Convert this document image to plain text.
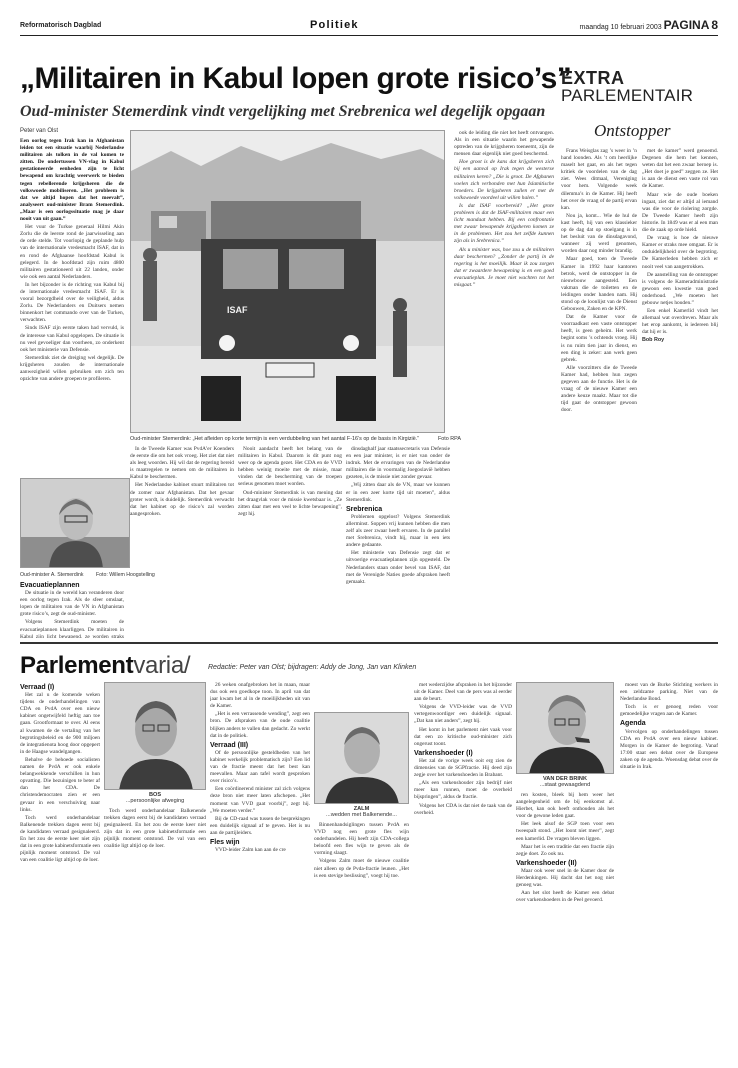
Reformatorisch Dagblad	Politiek	maandag 10 februari 2003 PAGINA 8
„Militairen in Kabul lopen grote risico’s”
Oud-minister Stemerdink vindt vergelijking met Srebrenica wel degelijk opgaan
EXTRA
PARLEMENTAIR
Ontstopper
Peter van Olst

Een oorlog tegen Irak kan in Afghanistan leiden tot een situatie waarbij Nederlandse militairen als tolken in de val komen te zitten. De ondertussen VN-vlag in Kabul gestationeerde eenheden zijn te licht bewapend om krachtig weerwerk te bieden tegen rebellerende krijgsheren die de volkswoede mobiliseren. „Het probleem is dat we altijd hopen dat het meevalt”, analyseert oud-minister Bram Stemerdink. „Maar is een oorlogssituatie mag je daar nooit van uit gaan.”

Het vuur de Turkse generaal Hilmi Akin Zorlu die de leerste rond de jaarwisseling aan de orde stelde. Tot voorlopig de geplande hulp van de internationale vredesmacht ISAF, dat in en rond de Afghaanse hoofdstad Kabul is gelegerd. In de hoofdstad zijn ruim 4800 militairen gestationeerd uit 22 landen, onder wie ook een aantal Nederlanders.

In het bijzonder is de richting van Kabul bij de internationale vredesmacht ISAF. Er is vooral bezorgdheid over de veiligheid, aldus Zorlu. De Nederlanders en Duitsers nemen binnenkort het commando over van de Turken, verwachten.

Sinds ISAF zijn eerste taken had vervuld, is de interesse van Kabul opgelopen. De situatie is nu veel gevoeliger dan voorheen, zo onderkent ook het ministerie van Defensie.

Stemerdink ziet de dreiging wel degelijk. De krijgsheren zouden de internationale aanwezigheid willen gebruiken om zich ten opzichte van andere groepen te profileren.

Oud-minister A. Stemerdink Foto: Willem Hoogstelling
Evacuatieplannen

De situatie in de wereld kan veranderen door een oorlog tegen Irak. Als de sfeer omslaat, lopen de militairen van de VN in Afghanistan grote risico’s, zegt de oud-minister.

Volgens Stemerdink moeten de evacuatieplannen klaarliggen. De militairen in Kabul zijn licht bewapend, ze worden straks

ISAF
Oud-minister Stemerdink: „Het afleiden op korte termijn is een verdubbeling van het aantal F-16’s op de basis in Kirgizië.”	Foto RPA

In de Tweede Kamer was PvdA’er Koenders de eerste die om het ook vroeg. Het ziet dat niet als leeg woorden. Hij wil dat de regering bereid is maatregelen te nemen om de militairen in Kabul te beschermen.

Het Nederlandse kabinet stuurt militairen tot de zomer naar Afghanistan. Dat het gevaar groter wordt, is duidelijk. Stemerdink verwacht dat het kabinet op de risico’s zal worden aangesproken.

Nooit aandacht heeft het belang van de militairen in Kabul. Daarom is dit punt nog weer op de agenda gezet. Het CDA en de VVD hebben weinig moeite met de missie, maar vinden dat de bescherming van de troepen serieus genomen moet worden.

Oud-minister Stemerdink is van mening dat het draagvlak voor de missie kwetsbaar is. „Ze zitten daar met een veel te lichte bewapening”, zegt hij.

dinsdaghalf jaar staatssecretaris van Defensie en een jaar minister, is er niet van onder de indruk. Met de ervaringen van de Nederlandse militairen die in voormalig Joegoslavië hebben gezeten, is de missie niet zonder gevaar.

„Wij zitten daar als de VN, maar we kunnen er in een zeer korte tijd uit moeten”, aldus Stemerdink.

Srebrenica

Problemen opgelost? Volgens Stemerdink allerminst. Soppen vrij kunnen hebben die men zelf als zeer zwaar heeft ervaren. In de parallel met Srebrenica, vindt hij, maar in een iets andere gedaante.

Het ministerie van Defensie zegt dat er uitvoerige evacuatieplannen zijn opgesteld. De Nederlanders staan onder bevel van ISAF, dat met de Verenigde Naties goede afspraken heeft gemaakt.

ook de leiding die niet het heeft ontvangen. Als in een situatie waarin het gewapende optreden van de krijgsheren toeneemt, zijn de mensen daar eigenlijk niet goed beschermd.

Hoe groot is de kans dat krijgsheren zich bij een aanval op Irak tegen de westerse militairen keren? „Die is groot. De Afghanen voelen zich verbonden met hun Islamitische broeders. De krijgsheren zullen er met de volkswoede voordeel uit willen halen.”

Is dat ISAF voorbereid? „Het grote probleem is dat de ISAF-militairen maar een licht mandaat hebben. Bij een confrontatie met zwaar bewapende krijgsheren komen ze in de problemen. Het zou het zelfde kunnen zijn als in Srebrenica.”

Als u minister was, hoe zou u de militairen daar beschermen? „Zonder de partij in de regering is het moeilijk. Maar ik zou zorgen dat er zwaardere bewapening is en een goed evacuatieplan. Je moet niet wachten tot het misgaat.”

Frans Weisglas zag ’s weer in ’n hand loonden. Als ’t om heerlijke maselt het gaat, en als het tegen kritiek de voordelen van de dag ziet. Wees ditmaal, Vereniging voor hem. Volgende week dilemma’s in de Kamer. Hij heeft het over de vraag of de partij ervan kan.

Nou ja, komt... Wie de hul de kast heeft, hij van een klassieker op de dag dat op stoelgang is in het besluit van de dinsdagavond, wanneer zij werd genomen, worden daar nog minder brandig.

Maar goed, toen de Tweede Kamer in 1992 haar kantoren betrok, werd de ontstopper in de nieuwbouw aangesteld. Een vakman die de toiletten en de leidingen onder handen nam. Hij stond op de loonlijst van de Dienst Gebouwen, Zaken en de KPN.

Dat de Kamer voor de voorraadkast een vaste ontstopper heeft, is geen geheim. Het werk begint soms ’s ochtends vroeg. Hij is nu ruim tien jaar in dienst, en een ding is zeker: aan werk geen gebrek.

Alle voorzitters die de Tweede Kamer had, hebben hun zegen gegeven aan de functie. Het is de vraag of de nieuwe Kamer een andere keuze maakt. Maar tot die tijd gaat de ontstopper gewoon door.

met de kamer” werd genoemd. Degenen die hem het kennen, weten dat het een zwaar beroep is. „Het doet je goed” zeggen ze. Het is aan de dienst een vaste rol van de Kamer.

Maar wie de oude boeken ingaat, ziet dat er altijd al iemand was die voor de riolering zorgde. De Tweede Kamer heeft zijn historie. In 1849 was er al een man die de zaak op orde hield.

De vraag is hoe de nieuwe Kamer er straks mee omgaat. Er is onduidelijkheid over de begroting. De Kamerleden hebben zich er nooit veel van aangetrokken.

De aanstelling van de ontstopper is volgens de Kameradministratie gewoon een kwestie van goed onderhoud. „We moeten het gebouw netjes houden.”

Een enkel Kamerlid vindt het allemaal wat overdreven. Maar als het erop aankomt, is iedereen blij dat hij er is.

Bob Roy

Parlementvaria/	Redactie: Peter van Olst; bijdragen: Addy de Jong, Jan van Klinken
Verraad (I)

Het zal u de komende weken tijdens de onderhandelingen van CDA en PvdA over een nieuw kabinet ongetwijfeld heftig aan toe gaan. Grootformaat te over. Al eens al kwamen de de vertaling van het begrotingsbeleid en de 900 miljoen de integratienota hoog door opgepert in de Haagse wandelgangen.

Behalve de behoede socialisten namen de PvdA er ook enkele belangwekkende verschillen in hun opvatting. Die bezuinigen te beter af dan het CDA. De christendemocraten zien er een gevaar in een verschuiving naar links.

Toch werd onderhandelaar Balkenende trekken dagen eerst bij de kandidaten verraad gesignaleerd. En het zou de eerste keer niet zijn dat in een grote kabinetsformatie een pijnlijk moment ontstond. De val van een coalitie ligt altijd op de loer.

BOS
...persoonlijke afweging

Toch werd onderhandelaar Balkenende trekken dagen eerst bij de kandidaten verraad gesignaleerd. En het zou de eerste keer niet zijn dat in een grote kabinetsformatie een pijnlijk moment ontstond. De val van een coalitie ligt altijd op de loer.

26 weken onafgebroken het in maan, maar dus ook een goedkope toon. In april van dat jaar kwam het al in de moeilijkheden uit van de Kamer.

„Het is een verrassende wending”, zegt een bron. De afspraken van de oude coalitie blijken anders te vallen dan gedacht. Zo werkt dat in de politiek.

Verraad (III)

Of de persoonlijke gesteldheden van het kabinet werkelijk problematisch zijn? Een lid van de fractie meent dat het best kan meevallen. Maar aan tafel wordt gesproken over risico’s.

Een coördinerend minister zal zich volgens deze bron niet meer laten afschepen. „Het moment van VVD gaat voorbij”, zegt hij. „We moeten verder.”

Bij de CD-raad was tussen de besprekingen een duidelijk signaal af te geven. Het is nu aan de partijleiders.

Fles wijn

VVD-leider Zalm kan aan de cre

ZALM
...wedden met Balkenende...

Binnenhandsiglingen tussen PvdA en VVD nog een grote fles wijn onderhandelen. Hij heeft zijn CDA-collega beloofd een fles wijn te geven als de vorming slaagt.

Volgens Zalm moet de nieuwe coalitie niet alleen op de Pvda-fractie leunen. „Het is een stevige beslissing”, voegt hij toe.

met wederzijdse afspraken in het bijzonder uit de Kamer. Deel van de pers was al eerder aan de beurt.

Volgens de VVD-leider was de VVD vertegenwoordiger een duidelijk signaal. „Dat kan niet anders”, zegt hij.

Het komt in het parlement niet vaak voor dat een zo kritische oud-minister zich ongerust toont.

Varkenshoeder (I)

Het zal de vorige week ooit erg zien de dimensies van de SGPfractie. Hij deed zijn zegje over het varkenshoeden in Brabant.

„Als een varkenshouder zijn bedrijf niet meer kan runnen, moet de overheid bijspringen”, aldus de fractie.

Volgens het CDA is dat niet de taak van de overheid.

VAN DER BRINK
...staat gewaagdend

ren kosten, bleek bij hem weer het aangelegenheid om de bij eenkomst al. Hierbet, kan ook heeft onthouden als het voor de gewone leden gaat.

Het leek alsof de SGP toen voor een tweespalt stond. „Het loont niet meer”, zegt een kamerlid. De vragen bleven liggen.

Maar het is een traditie dat een fractie zijn zegje doet. Zo ook nu.

Varkenshoeder (II)

Maar ook weer snel in de Kamer door de Herdenkingen. Hij dacht dat het nog niet genoeg was.

Aan het slot heeft de Kamer een debat over varkenshoeders in de Peel gevoerd.

moest van de Burke Stichting werkers in een zeldzame parking. Niet van de Nederlandse Bond.

Toch is er genoeg reden voor gemoedelijke vragen aan de Kamer.

Agenda

Vervolgen op onderhandelingen tussen CDA en PvdA over een nieuw kabinet. Morgen in de Kamer de begroting. Vanaf 17:00 staat een debat over de Europese zaken op de agenda. Woensdag debat over de situatie in Irak.
